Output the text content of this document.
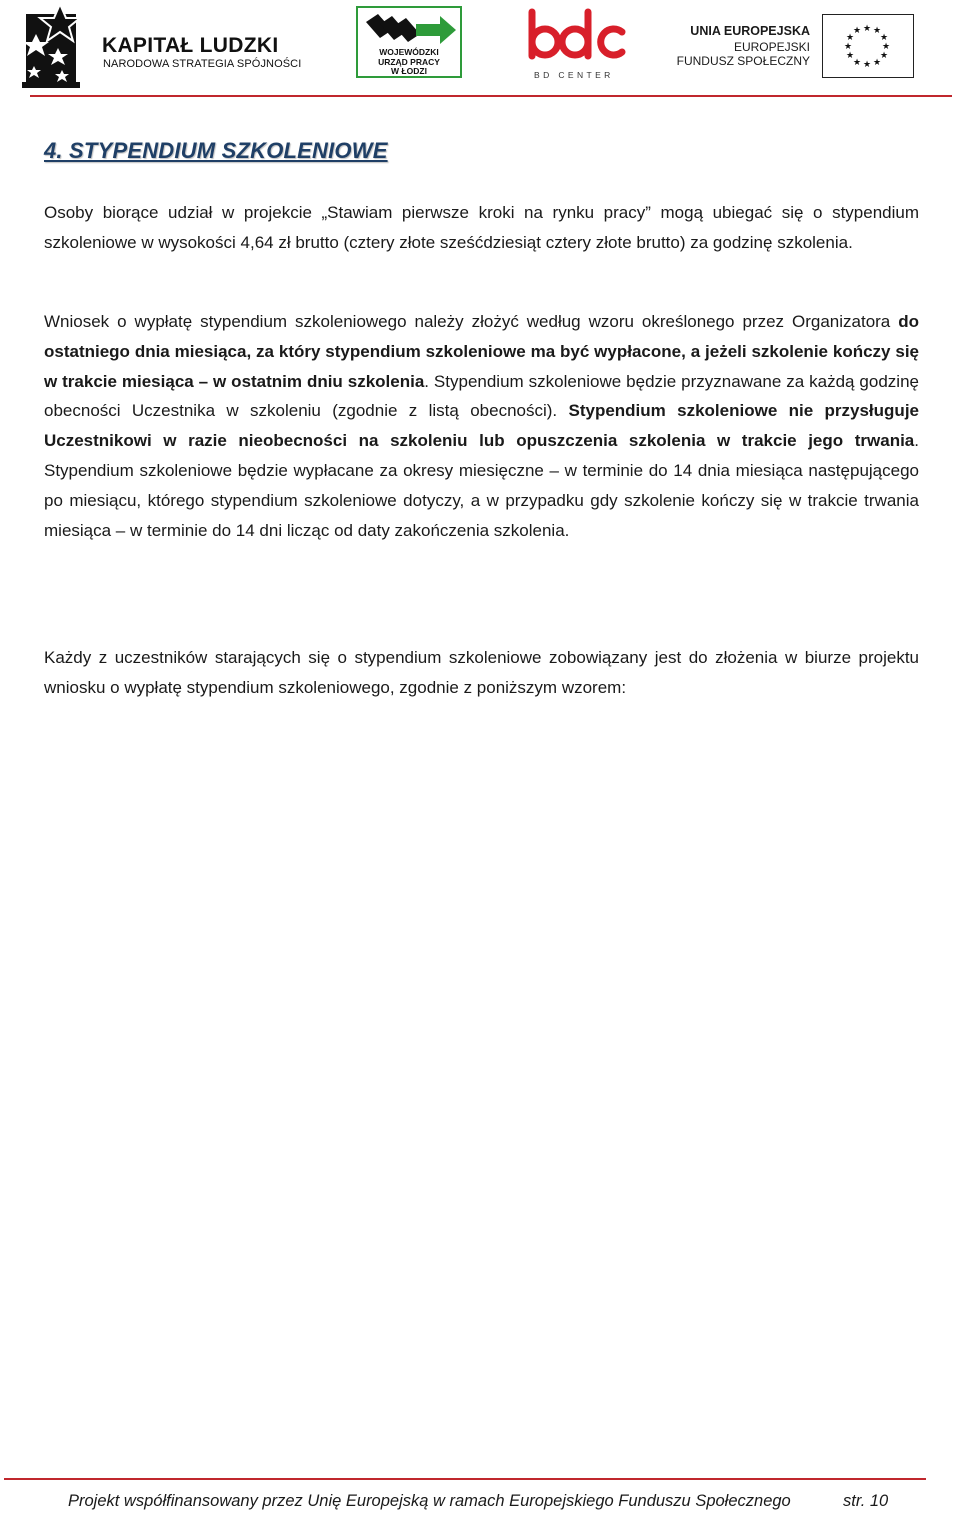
KAPITAŁ LUDZKI
NARODOWA STRATEGIA SPÓJNOŚCI
WOJEWÓDZKI
URZĄD PRACY
W ŁODZI	BD CENTER
UNIA EUROPEJSKA
EUROPEJSKI
FUNDUSZ SPOŁECZNY
★ ★
★
★
★
★
★
★
★
★
★
★
4. STYPENDIUM SZKOLENIOWE

Osoby biorące udział w projekcie „Stawiam pierwsze kroki na rynku pracy” mogą ubiegać się o stypendium szkoleniowe w wysokości 4,64 zł brutto (cztery złote sześćdziesiąt cztery złote brutto) za godzinę szkolenia.

Wniosek o wypłatę stypendium szkoleniowego należy złożyć według wzoru określonego przez Organizatora do ostatniego dnia miesiąca, za który stypendium szkoleniowe ma być wypłacone, a jeżeli szkolenie kończy się w trakcie miesiąca – w ostatnim dniu szkolenia. Stypendium szkoleniowe będzie przyznawane za każdą godzinę obecności Uczestnika w szkoleniu (zgodnie z listą obecności). Stypendium szkoleniowe nie przysługuje Uczestnikowi w razie nieobecności na szkoleniu lub opuszczenia szkolenia w trakcie jego trwania. Stypendium szkoleniowe będzie wypłacane za okresy miesięczne – w terminie do 14 dnia miesiąca następującego po miesiącu, którego stypendium szkoleniowe dotyczy, a w przypadku gdy szkolenie kończy się w trakcie trwania miesiąca – w terminie do 14 dni licząc od daty zakończenia szkolenia.

Każdy z uczestników starających się o stypendium szkoleniowe zobowiązany jest do złożenia w biurze projektu wniosku o wypłatę stypendium szkoleniowego, zgodnie z poniższym wzorem:

Projekt współfinansowany przez Unię Europejską w ramach Europejskiego Funduszu Społecznego	str. 10
